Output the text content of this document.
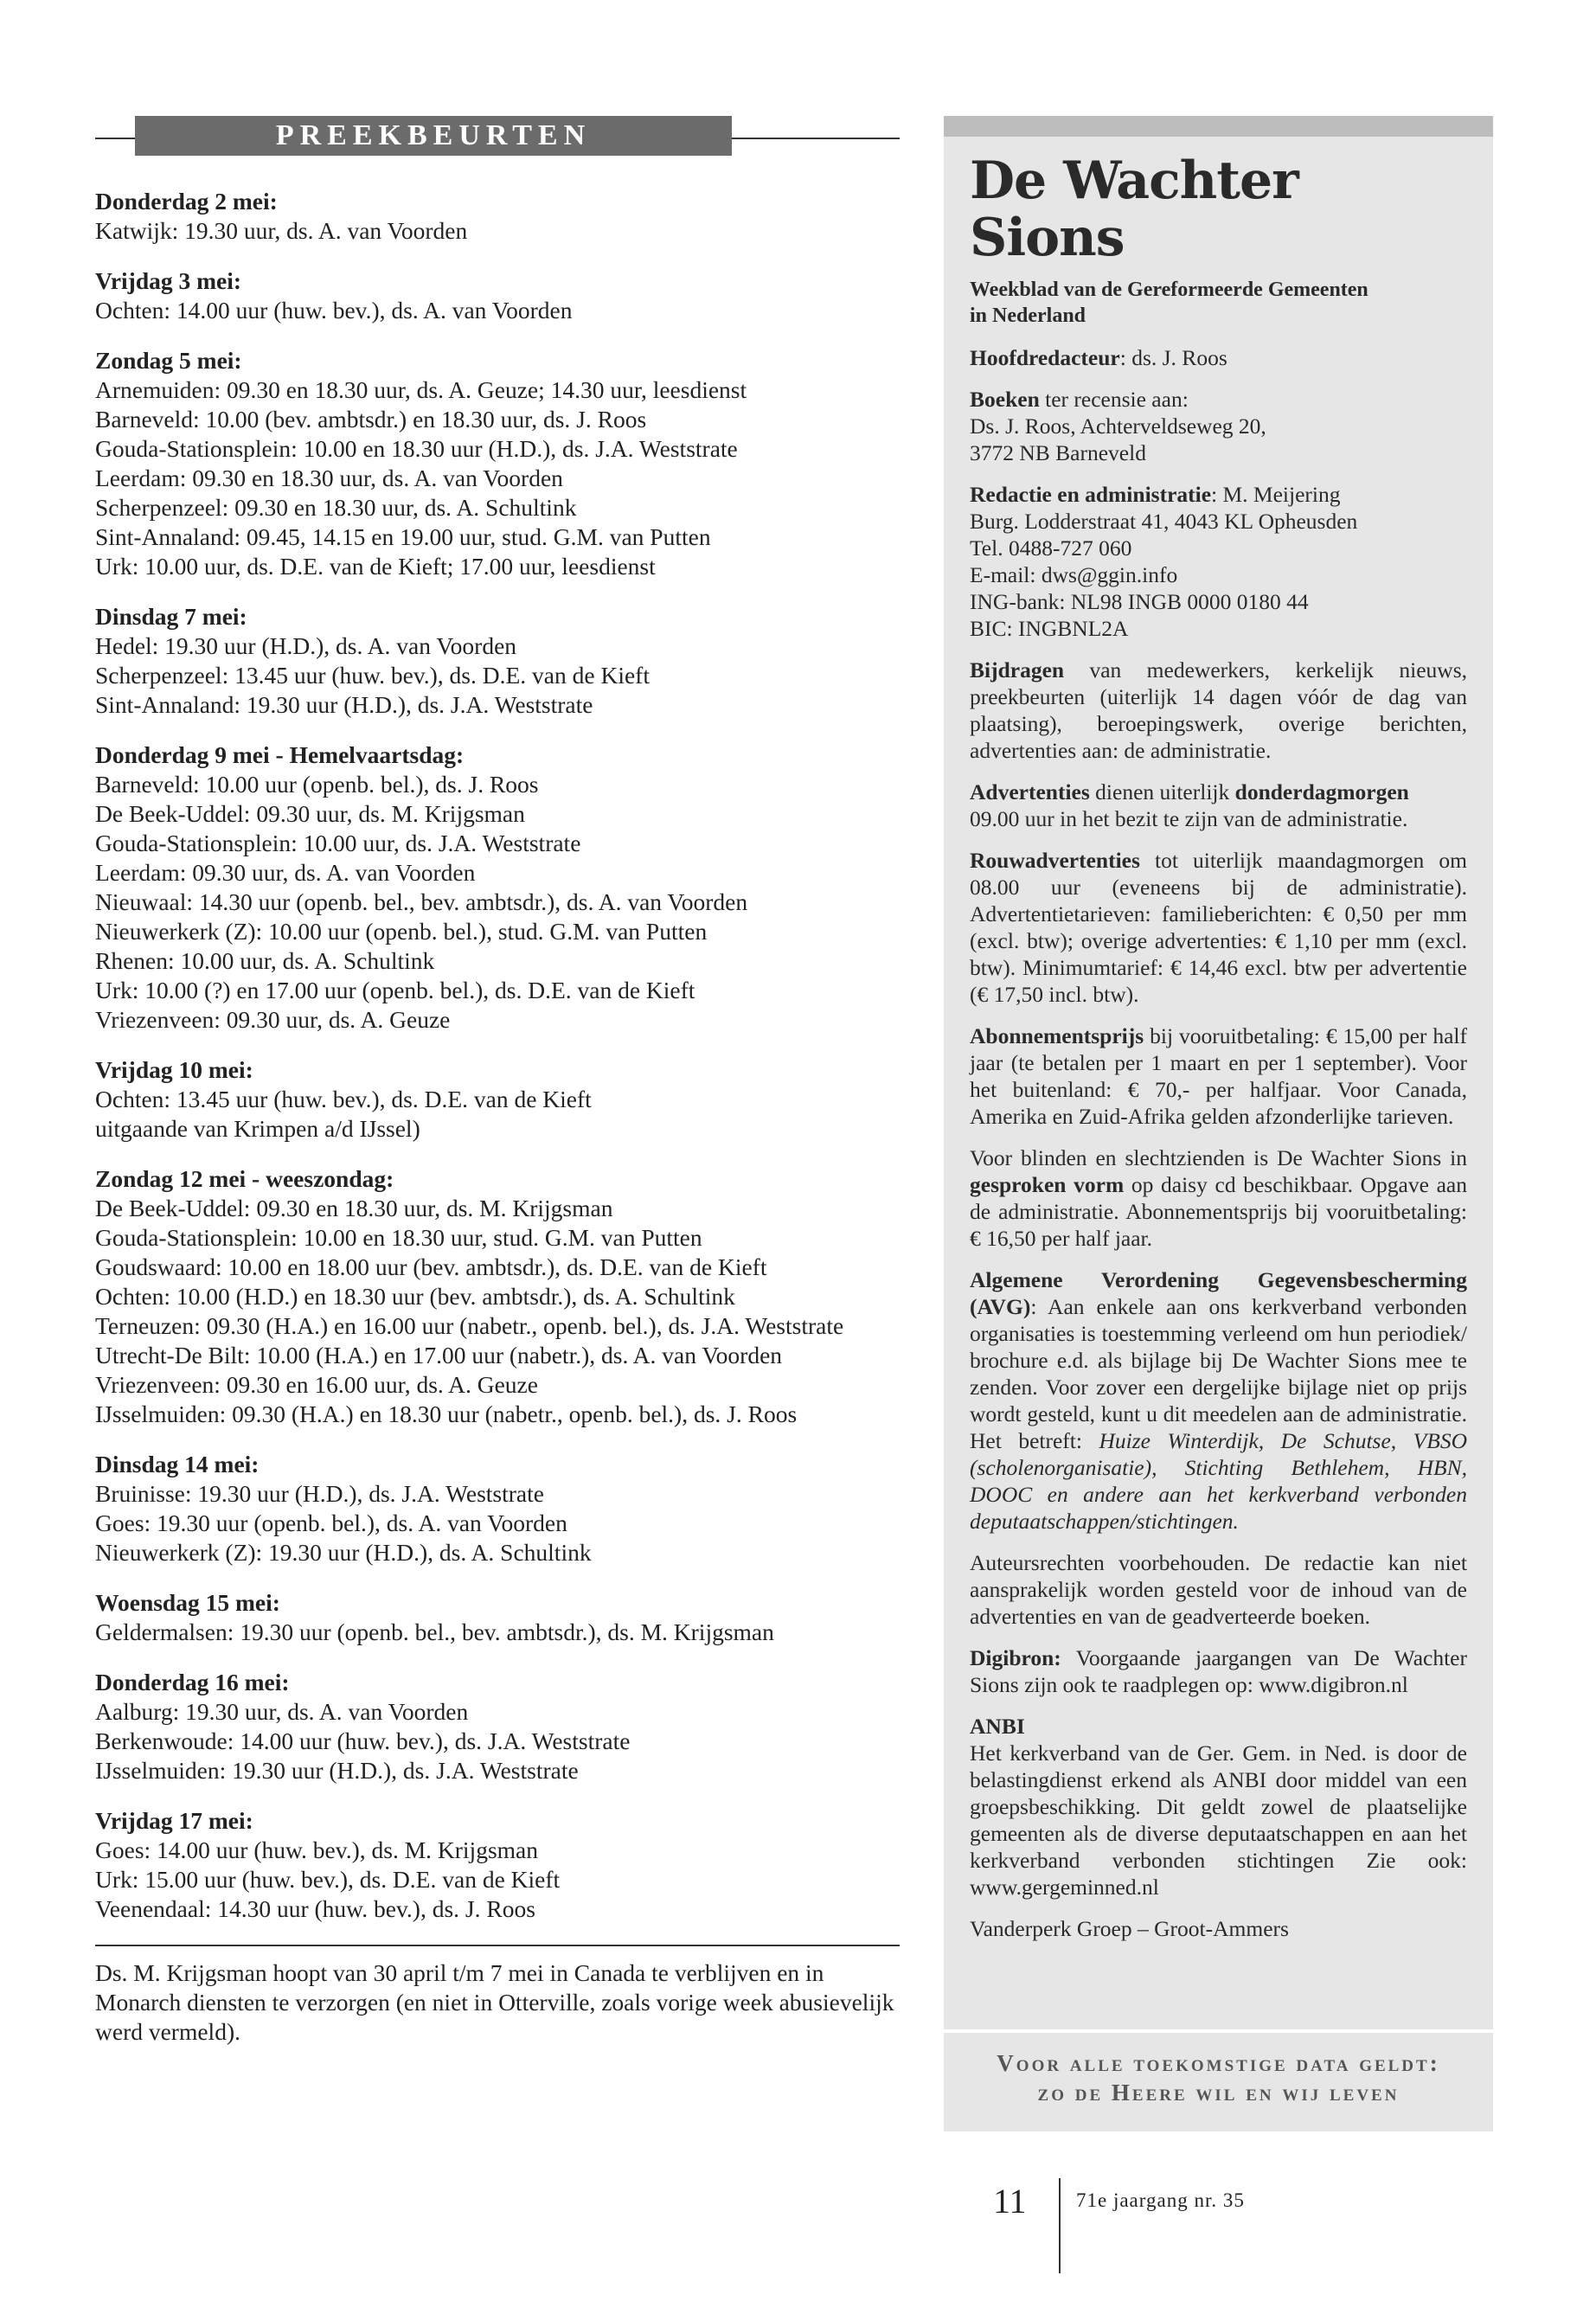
PREEKBEURTEN

Donderdag 2 mei:

Katwijk: 19.30 uur, ds. A. van Voorden

Vrijdag 3 mei:

Ochten: 14.00 uur (huw. bev.), ds. A. van Voorden

Zondag 5 mei:

Arnemuiden: 09.30 en 18.30 uur, ds. A. Geuze; 14.30 uur, leesdienst

Barneveld: 10.00 (bev. ambtsdr.) en 18.30 uur, ds. J. Roos

Gouda-Stationsplein: 10.00 en 18.30 uur (H.D.), ds. J.A. Weststrate

Leerdam: 09.30 en 18.30 uur, ds. A. van Voorden

Scherpenzeel: 09.30 en 18.30 uur, ds. A. Schultink

Sint-Annaland: 09.45, 14.15 en 19.00 uur, stud. G.M. van Putten

Urk: 10.00 uur, ds. D.E. van de Kieft; 17.00 uur, leesdienst

Dinsdag 7 mei:

Hedel: 19.30 uur (H.D.), ds. A. van Voorden

Scherpenzeel: 13.45 uur (huw. bev.), ds. D.E. van de Kieft

Sint-Annaland: 19.30 uur (H.D.), ds. J.A. Weststrate

Donderdag 9 mei - Hemelvaartsdag:

Barneveld: 10.00 uur (openb. bel.), ds. J. Roos

De Beek-Uddel: 09.30 uur, ds. M. Krijgsman

Gouda-Stationsplein: 10.00 uur, ds. J.A. Weststrate

Leerdam: 09.30 uur, ds. A. van Voorden

Nieuwaal: 14.30 uur (openb. bel., bev. ambtsdr.), ds. A. van Voorden

Nieuwerkerk (Z): 10.00 uur (openb. bel.), stud. G.M. van Putten

Rhenen: 10.00 uur, ds. A. Schultink

Urk: 10.00 (?) en 17.00 uur (openb. bel.), ds. D.E. van de Kieft

Vriezenveen: 09.30 uur, ds. A. Geuze

Vrijdag 10 mei:

Ochten: 13.45 uur (huw. bev.), ds. D.E. van de Kieft

uitgaande van Krimpen a/d IJssel)

Zondag 12 mei - weeszondag:

De Beek-Uddel: 09.30 en 18.30 uur, ds. M. Krijgsman

Gouda-Stationsplein: 10.00 en 18.30 uur, stud. G.M. van Putten

Goudswaard: 10.00 en 18.00 uur (bev. ambtsdr.), ds. D.E. van de Kieft

Ochten: 10.00 (H.D.) en 18.30 uur (bev. ambtsdr.), ds. A. Schultink

Terneuzen: 09.30 (H.A.) en 16.00 uur (nabetr., openb. bel.), ds. J.A. Weststrate

Utrecht-De Bilt: 10.00 (H.A.) en 17.00 uur (nabetr.), ds. A. van Voorden

Vriezenveen: 09.30 en 16.00 uur, ds. A. Geuze

IJsselmuiden: 09.30 (H.A.) en 18.30 uur (nabetr., openb. bel.), ds. J. Roos

Dinsdag 14 mei:

Bruinisse: 19.30 uur (H.D.), ds. J.A. Weststrate

Goes: 19.30 uur (openb. bel.), ds. A. van Voorden

Nieuwerkerk (Z): 19.30 uur (H.D.), ds. A. Schultink

Woensdag 15 mei:

Geldermalsen: 19.30 uur (openb. bel., bev. ambtsdr.), ds. M. Krijgsman

Donderdag 16 mei:

Aalburg: 19.30 uur, ds. A. van Voorden

Berkenwoude: 14.00 uur (huw. bev.), ds. J.A. Weststrate

IJsselmuiden: 19.30 uur (H.D.), ds. J.A. Weststrate

Vrijdag 17 mei:

Goes: 14.00 uur (huw. bev.), ds. M. Krijgsman

Urk: 15.00 uur (huw. bev.), ds. D.E. van de Kieft

Veenendaal: 14.30 uur (huw. bev.), ds. J. Roos

Ds. M. Krijgsman hoopt van 30 april t/m 7 mei in Canada te verblijven en in Monarch diensten te verzorgen (en niet in Otterville, zoals vorige week abusievelijk werd vermeld).

De Wachter Sions

Weekblad van de Gereformeerde Gemeenten
in Nederland

Hoofdredacteur: ds. J. Roos

Boeken ter recensie aan:

Ds. J. Roos, Achterveldseweg 20,

3772 NB Barneveld

Redactie en administratie: M. Meijering

Burg. Lodderstraat 41, 4043 KL Opheusden

Tel. 0488-727 060

E-mail: dws@ggin.info

ING-bank: NL98 INGB 0000 0180 44

BIC: INGBNL2A

Bijdragen van medewerkers, kerkelijk nieuws, preekbeurten (uiterlijk 14 dagen vóór de dag van plaatsing), beroepingswerk, overige berichten, advertenties aan: de administratie.

Advertenties dienen uiterlijk donderdagmorgen
09.00 uur in het bezit te zijn van de administratie.

Rouwadvertenties tot uiterlijk maandagmorgen om 08.00 uur (eveneens bij de administratie). Advertentietarieven: familieberichten: € 0,50 per mm (excl. btw); overige advertenties: € 1,10 per mm (excl. btw). Minimumtarief: € 14,46 excl. btw per advertentie (€ 17,50 incl. btw).

Abonnementsprijs bij vooruitbetaling: € 15,00 per half jaar (te betalen per 1 maart en per 1 september). Voor het buitenland: € 70,- per halfjaar. Voor Canada, Amerika en Zuid-Afrika gelden afzonderlijke tarieven.

Voor blinden en slechtzienden is De Wachter Sions in gesproken vorm op daisy cd beschikbaar. Opgave aan de administratie. Abonnementsprijs bij vooruitbetaling: € 16,50 per half jaar.

Algemene Verordening Gegevensbescherming (AVG): Aan enkele aan ons kerkverband verbonden organisaties is toestemming verleend om hun periodiek/ brochure e.d. als bijlage bij De Wachter Sions mee te zenden. Voor zover een dergelijke bijlage niet op prijs wordt gesteld, kunt u dit meedelen aan de administratie. Het betreft: Huize Winterdijk, De Schutse, VBSO (scholenorganisatie), Stichting Bethlehem, HBN, DOOC en andere aan het kerkverband verbonden deputaatschappen/stichtingen.

Auteursrechten voorbehouden. De redactie kan niet aansprakelijk worden gesteld voor de inhoud van de advertenties en van de geadverteerde boeken.

Digibron: Voorgaande jaargangen van De Wachter Sions zijn ook te raadplegen op: www.digibron.nl

ANBI

Het kerkverband van de Ger. Gem. in Ned. is door de belastingdienst erkend als ANBI door middel van een groepsbeschikking. Dit geldt zowel de plaatselijke gemeenten als de diverse deputaatschappen en aan het kerkverband verbonden stichtingen Zie ook: www.gergeminned.nl

Vanderperk Groep – Groot-Ammers

Voor alle toekomstige data geldt:

zo de Heere wil en wij leven

11 71e jaargang nr. 35
